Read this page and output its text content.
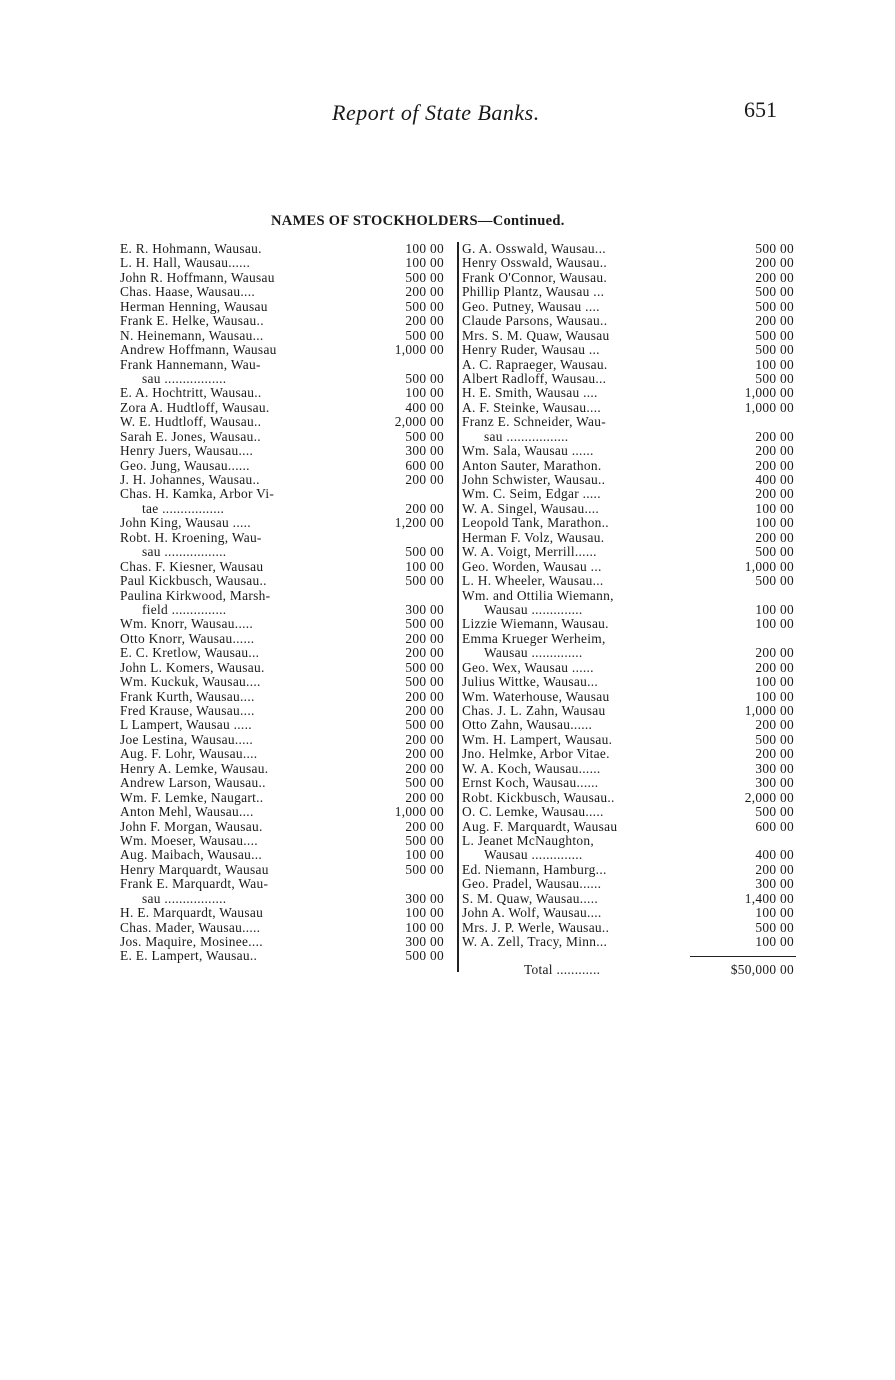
Report of State Banks.	651
NAMES OF STOCKHOLDERS—Continued.
E. R. Hohmann, Wausau.	100 00
L. H. Hall, Wausau......	100 00
John R. Hoffmann, Wausau	500 00
Chas. Haase, Wausau....	200 00
Herman Henning, Wausau	500 00
Frank E. Helke, Wausau..	200 00
N. Heinemann, Wausau...	500 00
Andrew Hoffmann, Wausau	1,000 00
Frank Hannemann, Wau-
sau .................	500 00
E. A. Hochtritt, Wausau..	100 00
Zora A. Hudtloff, Wausau.	400 00
W. E. Hudtloff, Wausau..	2,000 00
Sarah E. Jones, Wausau..	500 00
Henry Juers, Wausau....	300 00
Geo. Jung, Wausau......	600 00
J. H. Johannes, Wausau..	200 00
Chas. H. Kamka, Arbor Vi-
tae .................	200 00
John King, Wausau .....	1,200 00
Robt. H. Kroening, Wau-
sau .................	500 00
Chas. F. Kiesner, Wausau	100 00
Paul Kickbusch, Wausau..	500 00
Paulina Kirkwood, Marsh-
field ...............	300 00
Wm. Knorr, Wausau.....	500 00
Otto Knorr, Wausau......	200 00
E. C. Kretlow, Wausau...	200 00
John L. Komers, Wausau.	500 00
Wm. Kuckuk, Wausau....	500 00
Frank Kurth, Wausau....	200 00
Fred Krause, Wausau....	200 00
L Lampert, Wausau .....	500 00
Joe Lestina, Wausau.....	200 00
Aug. F. Lohr, Wausau....	200 00
Henry A. Lemke, Wausau.	200 00
Andrew Larson, Wausau..	500 00
Wm. F. Lemke, Naugart..	200 00
Anton Mehl, Wausau....	1,000 00
John F. Morgan, Wausau.	200 00
Wm. Moeser, Wausau....	500 00
Aug. Maibach, Wausau...	100 00
Henry Marquardt, Wausau	500 00
Frank E. Marquardt, Wau-
sau .................	300 00
H. E. Marquardt, Wausau	100 00
Chas. Mader, Wausau.....	100 00
Jos. Maquire, Mosinee....	300 00
E. E. Lampert, Wausau..	500 00
G. A. Osswald, Wausau...	500 00
Henry Osswald, Wausau..	200 00
Frank O'Connor, Wausau.	200 00
Phillip Plantz, Wausau ...	500 00
Geo. Putney, Wausau ....	500 00
Claude Parsons, Wausau..	200 00
Mrs. S. M. Quaw, Wausau	500 00
Henry Ruder, Wausau ...	500 00
A. C. Rapraeger, Wausau.	100 00
Albert Radloff, Wausau...	500 00
H. E. Smith, Wausau ....	1,000 00
A. F. Steinke, Wausau....	1,000 00
Franz E. Schneider, Wau-
sau .................	200 00
Wm. Sala, Wausau ......	200 00
Anton Sauter, Marathon.	200 00
John Schwister, Wausau..	400 00
Wm. C. Seim, Edgar .....	200 00
W. A. Singel, Wausau....	100 00
Leopold Tank, Marathon..	100 00
Herman F. Volz, Wausau.	200 00
W. A. Voigt, Merrill......	500 00
Geo. Worden, Wausau ...	1,000 00
L. H. Wheeler, Wausau...	500 00
Wm. and Ottilia Wiemann,
Wausau ..............	100 00
Lizzie Wiemann, Wausau.	100 00
Emma Krueger Werheim,
Wausau ..............	200 00
Geo. Wex, Wausau ......	200 00
Julius Wittke, Wausau...	100 00
Wm. Waterhouse, Wausau	100 00
Chas. J. L. Zahn, Wausau	1,000 00
Otto Zahn, Wausau......	200 00
Wm. H. Lampert, Wausau.	500 00
Jno. Helmke, Arbor Vitae.	200 00
W. A. Koch, Wausau......	300 00
Ernst Koch, Wausau......	300 00
Robt. Kickbusch, Wausau..	2,000 00
O. C. Lemke, Wausau.....	500 00
Aug. F. Marquardt, Wausau	600 00
L. Jeanet McNaughton,
Wausau ..............	400 00
Ed. Niemann, Hamburg...	200 00
Geo. Pradel, Wausau......	300 00
S. M. Quaw, Wausau.....	1,400 00
John A. Wolf, Wausau....	100 00
Mrs. J. P. Werle, Wausau..	500 00
W. A. Zell, Tracy, Minn...	100 00
Total ............	$50,000 00
